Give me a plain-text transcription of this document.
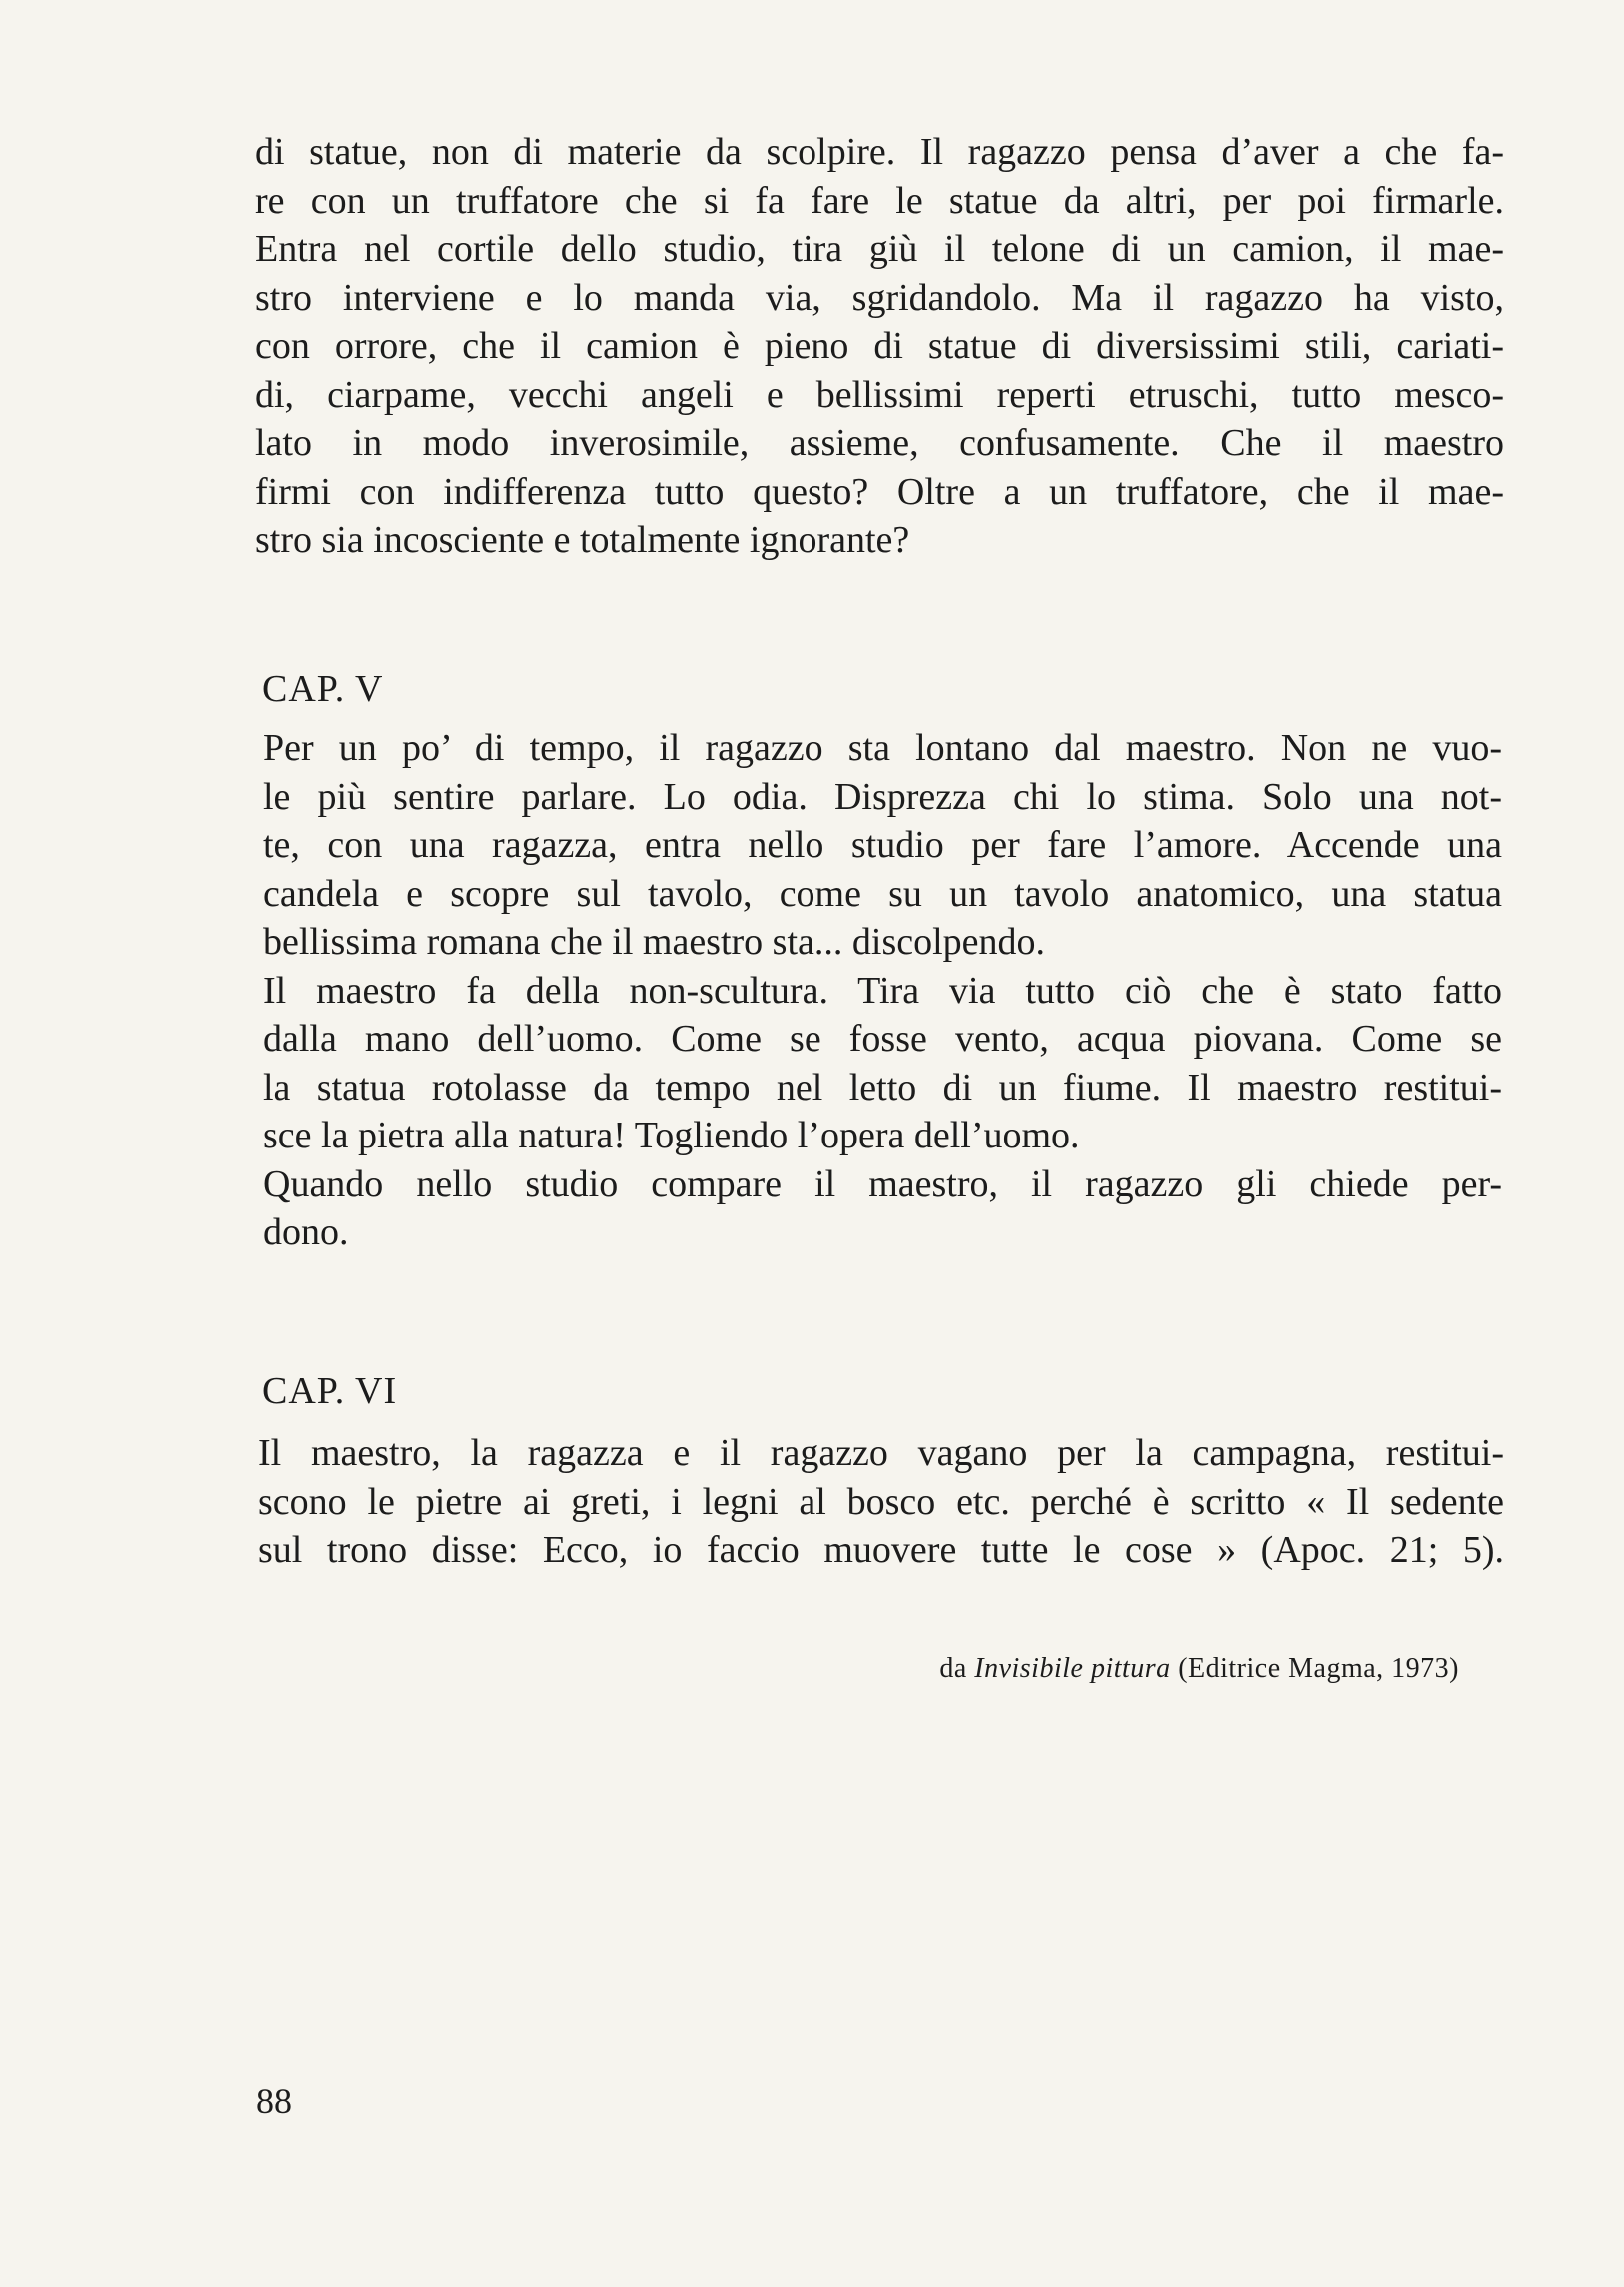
di statue, non di materie da scolpire. Il ragazzo pensa d’aver a che fa-
re con un truffatore che si fa fare le statue da altri, per poi firmarle.
Entra nel cortile dello studio, tira giù il telone di un camion, il mae-
stro interviene e lo manda via, sgridandolo. Ma il ragazzo ha visto,
con orrore, che il camion è pieno di statue di diversissimi stili, cariati-
di, ciarpame, vecchi angeli e bellissimi reperti etruschi, tutto mesco-
lato in modo inverosimile, assieme, confusamente. Che il maestro
firmi con indifferenza tutto questo? Oltre a un truffatore, che il mae-
stro sia incosciente e totalmente ignorante?

CAP. V

Per un po’ di tempo, il ragazzo sta lontano dal maestro. Non ne vuo-
le più sentire parlare. Lo odia. Disprezza chi lo stima. Solo una not-
te, con una ragazza, entra nello studio per fare l’amore. Accende una
candela e scopre sul tavolo, come su un tavolo anatomico, una statua
bellissima romana che il maestro sta... discolpendo.

Il maestro fa della non-scultura. Tira via tutto ciò che è stato fatto
dalla mano dell’uomo. Come se fosse vento, acqua piovana. Come se
la statua rotolasse da tempo nel letto di un fiume. Il maestro restitui-
sce la pietra alla natura! Togliendo l’opera dell’uomo.

Quando nello studio compare il maestro, il ragazzo gli chiede per-
dono.

CAP. VI

Il maestro, la ragazza e il ragazzo vagano per la campagna, restitui-
scono le pietre ai greti, i legni al bosco etc. perché è scritto « Il sedente
sul trono disse: Ecco, io faccio muovere tutte le cose » (Apoc. 21; 5).

da Invisibile pittura (Editrice Magma, 1973)
88
